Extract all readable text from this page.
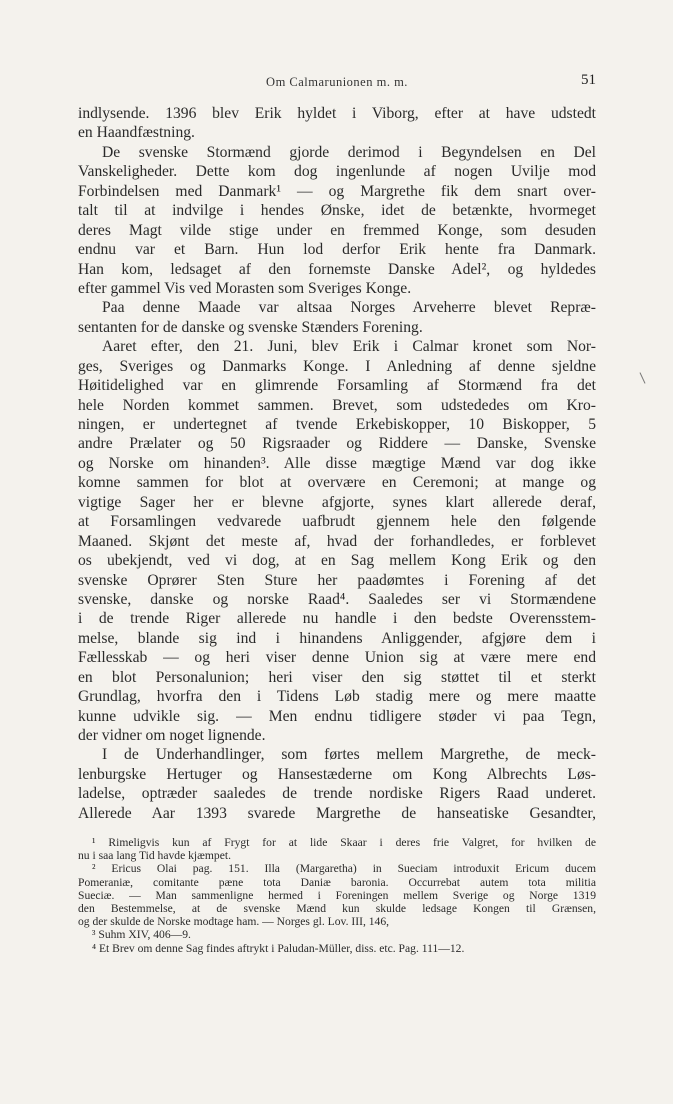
Om Calmarunionen m. m.	51
indlysende. 1396 blev Erik hyldet i Viborg, efter at have udstedt
en Haandfæstning.
De svenske Stormænd gjorde derimod i Begyndelsen en Del
Vanskeligheder. Dette kom dog ingenlunde af nogen Uvilje mod
Forbindelsen med Danmark¹ — og Margrethe fik dem snart over-
talt til at indvilge i hendes Ønske, idet de betænkte, hvormeget
deres Magt vilde stige under en fremmed Konge, som desuden
endnu var et Barn. Hun lod derfor Erik hente fra Danmark.
Han kom, ledsaget af den fornemste Danske Adel², og hyldedes
efter gammel Vis ved Morasten som Sveriges Konge.
Paa denne Maade var altsaa Norges Arveherre blevet Repræ-
sentanten for de danske og svenske Stænders Forening.
Aaret efter, den 21. Juni, blev Erik i Calmar kronet som Nor-
ges, Sveriges og Danmarks Konge. I Anledning af denne sjeldne
Høitidelighed var en glimrende Forsamling af Stormænd fra det
hele Norden kommet sammen. Brevet, som udstededes om Kro-
ningen, er undertegnet af tvende Erkebiskopper, 10 Biskopper, 5
andre Prælater og 50 Rigsraader og Riddere — Danske, Svenske
og Norske om hinanden³. Alle disse mægtige Mænd var dog ikke
komne sammen for blot at overvære en Ceremoni; at mange og
vigtige Sager her er blevne afgjorte, synes klart allerede deraf,
at Forsamlingen vedvarede uafbrudt gjennem hele den følgende
Maaned. Skjønt det meste af, hvad der forhandledes, er forblevet
os ubekjendt, ved vi dog, at en Sag mellem Kong Erik og den
svenske Oprører Sten Sture her paadømtes i Forening af det
svenske, danske og norske Raad⁴. Saaledes ser vi Stormændene
i de trende Riger allerede nu handle i den bedste Overensstem-
melse, blande sig ind i hinandens Anliggender, afgjøre dem i
Fællesskab — og heri viser denne Union sig at være mere end
en blot Personalunion; heri viser den sig støttet til et sterkt
Grundlag, hvorfra den i Tidens Løb stadig mere og mere maatte
kunne udvikle sig. — Men endnu tidligere støder vi paa Tegn,
der vidner om noget lignende.
I de Underhandlinger, som førtes mellem Margrethe, de meck-
lenburgske Hertuger og Hansestæderne om Kong Albrechts Løs-
ladelse, optræder saaledes de trende nordiske Rigers Raad underet.
Allerede Aar 1393 svarede Margrethe de hanseatiske Gesandter,
¹ Rimeligvis kun af Frygt for at lide Skaar i deres frie Valgret, for hvilken de
nu i saa lang Tid havde kjæmpet.
² Ericus Olai pag. 151. Illa (Margaretha) in Sueciam introduxit Ericum ducem
Pomeraniæ, comitante pæne tota Daniæ baronia. Occurrebat autem tota militia
Sueciæ. — Man sammenligne hermed i Foreningen mellem Sverige og Norge 1319
den Bestemmelse, at de svenske Mænd kun skulde ledsage Kongen til Grænsen,
og der skulde de Norske modtage ham. — Norges gl. Lov. III, 146,
³ Suhm XIV, 406—9.
⁴ Et Brev om denne Sag findes aftrykt i Paludan-Müller, diss. etc. Pag. 111—12.
